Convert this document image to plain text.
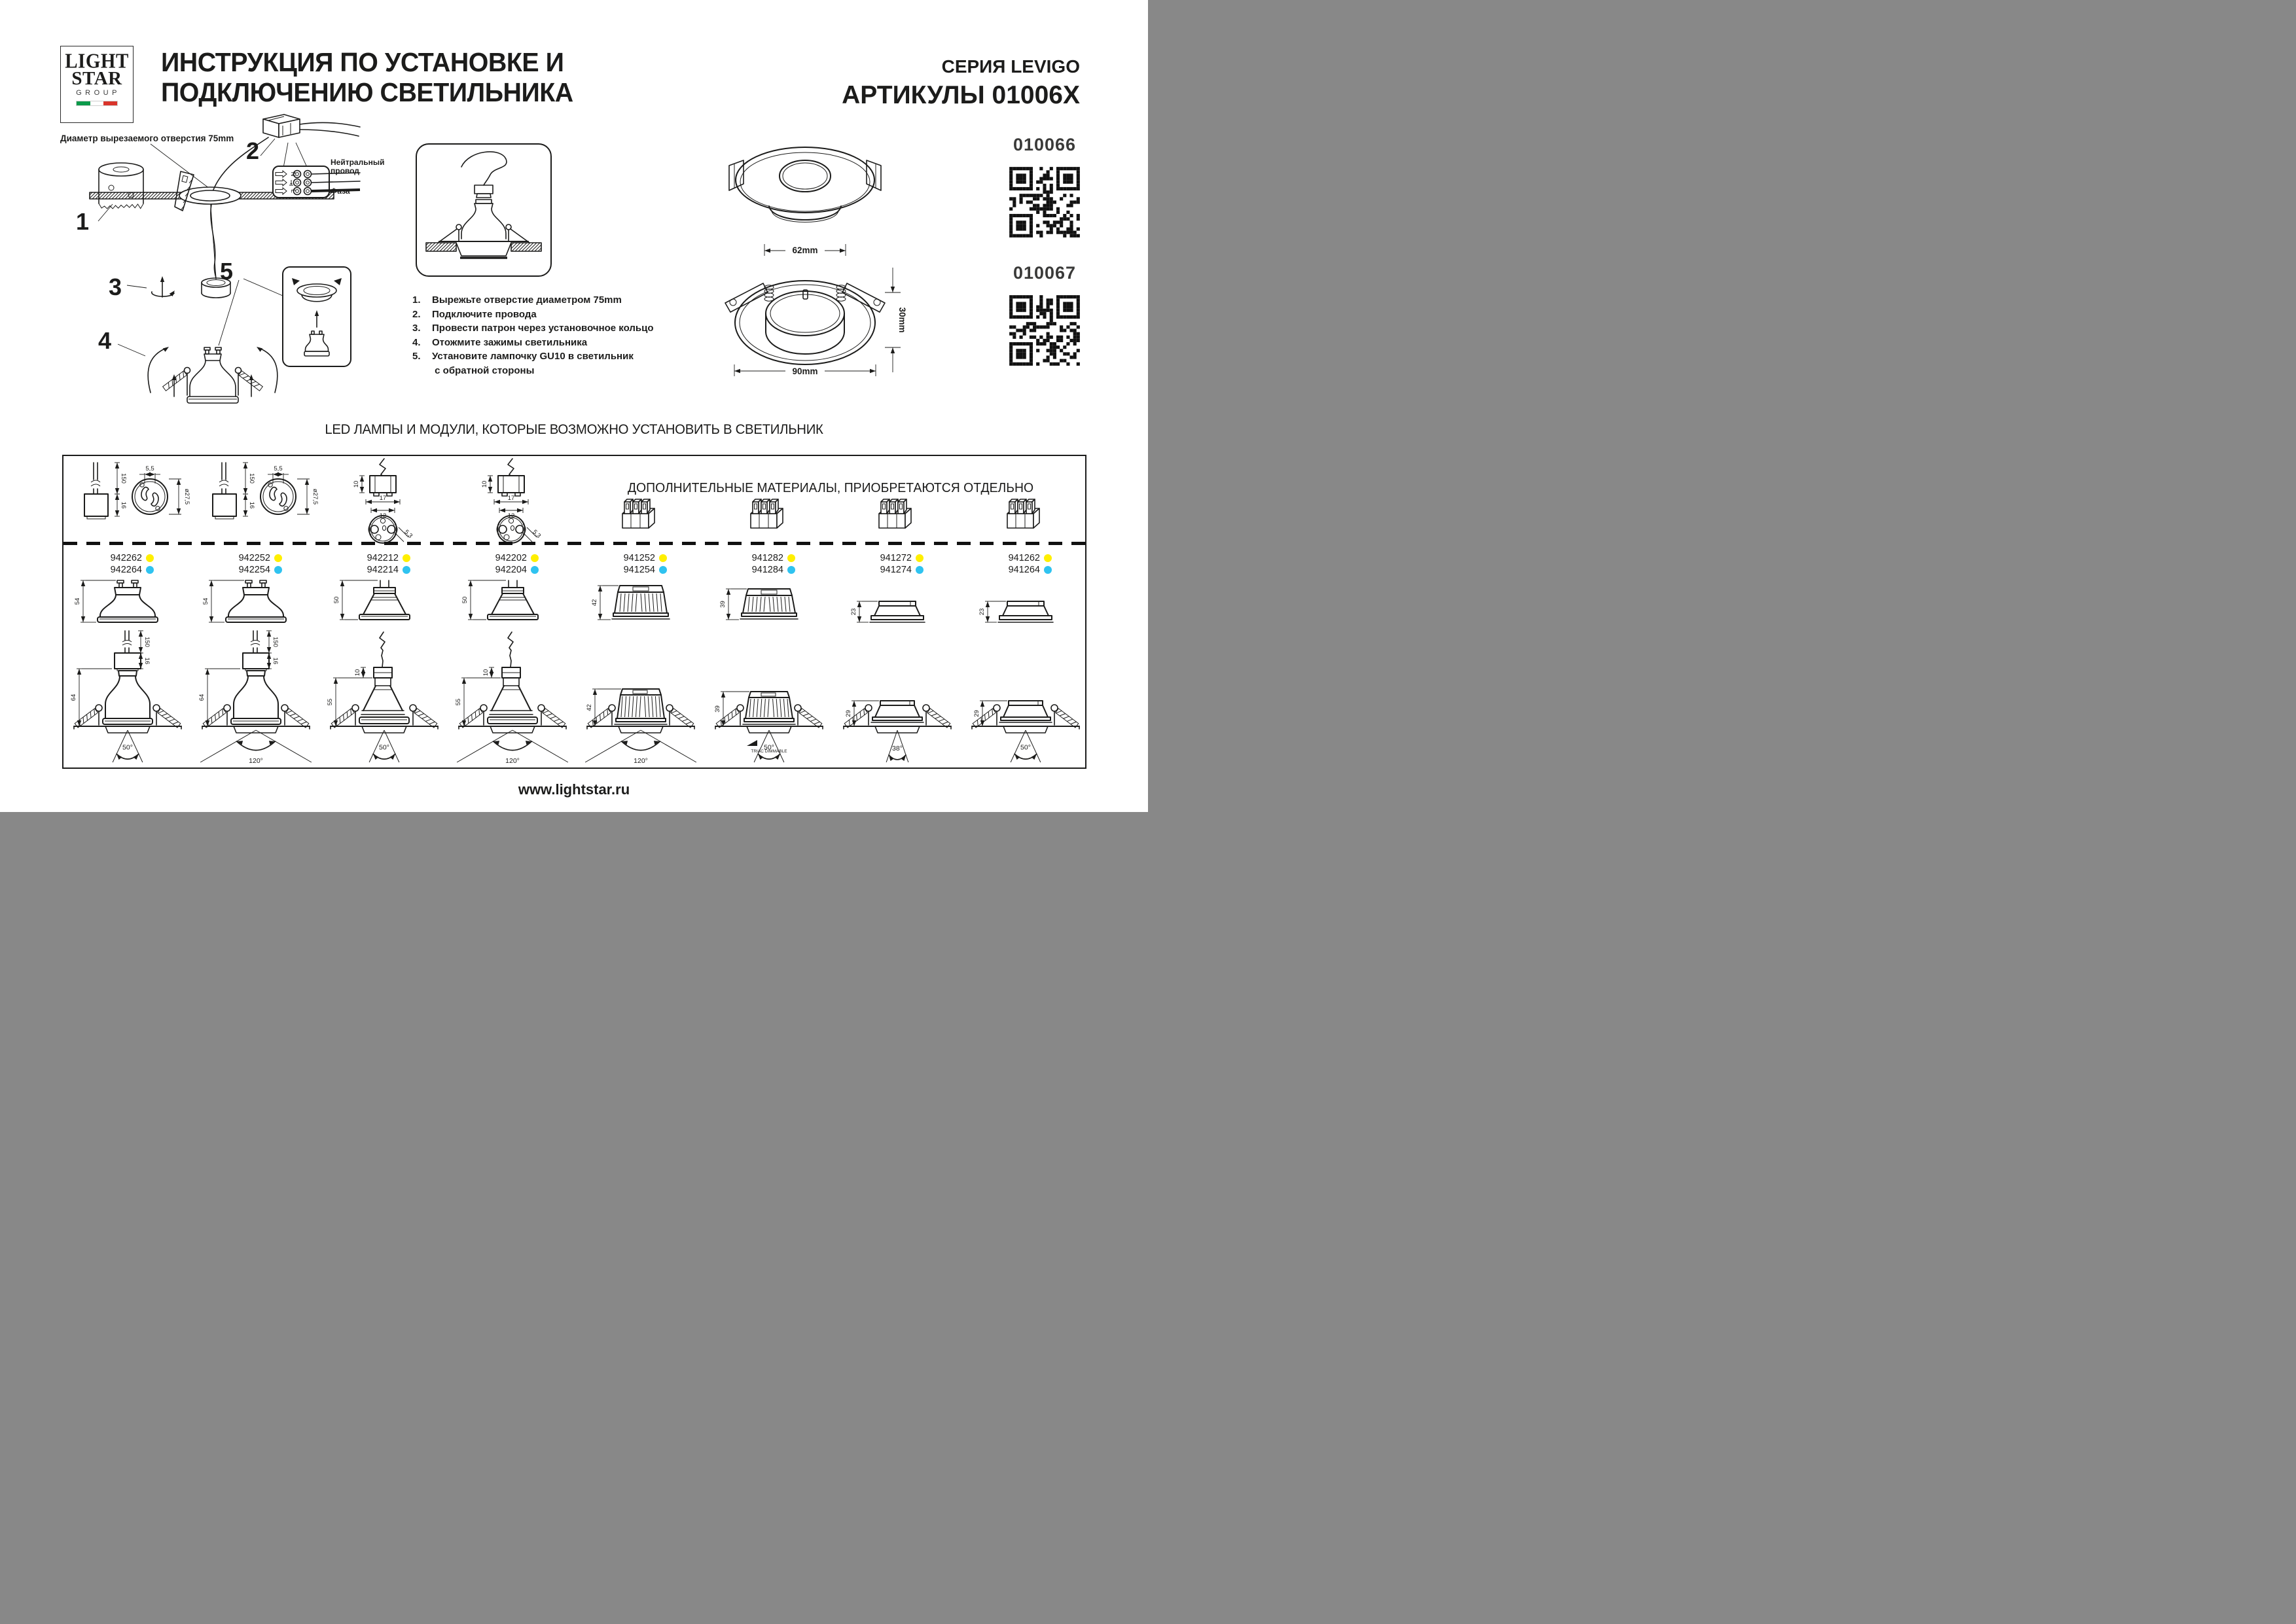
LIGHT
STAR
GROUP
ИНСТРУКЦИЯ ПО УСТАНОВКЕ И
ПОДКЛЮЧЕНИЮ СВЕТИЛЬНИКА
СЕРИЯ LEVIGO
АРТИКУЛЫ 01006X
Диаметр вырезаемого отверстия 75mm
N
L
Нейтральный
провод
Фаза
1
2
3
4
5
1.	Вырежьте отверстие диаметром 75mm
2.	Подключите провода
3.	Провести патрон через установочное кольцо
4.	Отожмите зажимы светильника
5.	Установите лампочку GU10 в светильник
с обратной стороны
62mm
90mm
30mm
010066
010067
LED ЛАМПЫ И МОДУЛИ, КОТОРЫЕ ВОЗМОЖНО УСТАНОВИТЬ В СВЕТИЛЬНИК
150
16
5,5
ø27,5
942262
942264
54
150
16
64
50°
150
16
5,5
ø27,5
942252
942254
54
150
16
64
120°
10
17
12
5,3
942212
942214
50
10
55
50°
10
17
12
5,3
942202
942204
50
10
55
120°
941252
941254
42
42
120°
941282
941284
39
39
50°
TRIAC DIMMABLE
941272
941274
23
29
38°
941262
941264
23
29
50°
ДОПОЛНИТЕЛЬНЫЕ МАТЕРИАЛЫ, ПРИОБРЕТАЮТСЯ ОТДЕЛЬНО
www.lightstar.ru
